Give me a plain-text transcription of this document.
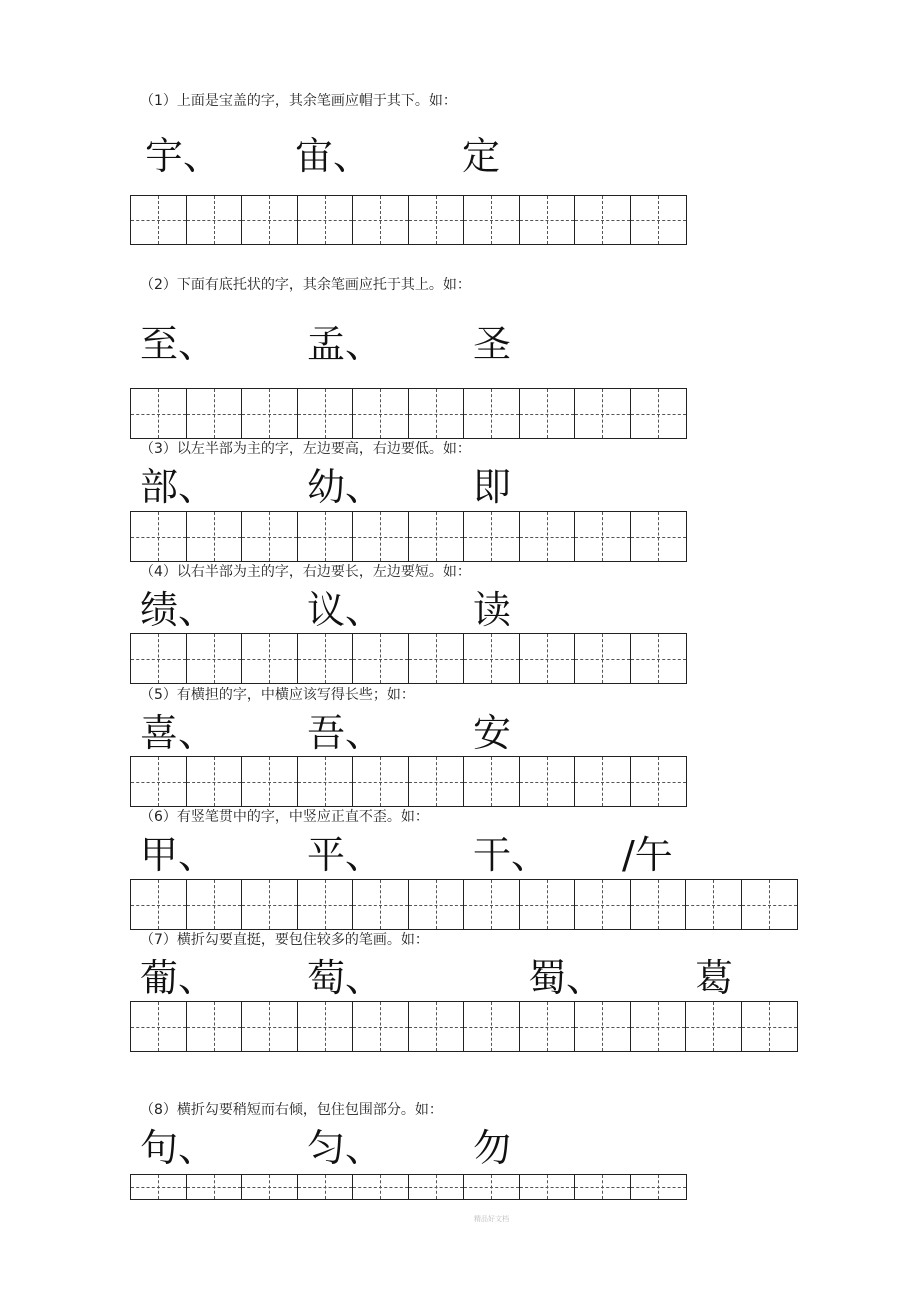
（1）上面是宝盖的字，其余笔画应帽于其下。如：
宇、 宙、 定
（2）下面有底托状的字，其余笔画应托于其上。如：
至、 孟、 圣
（3）以左半部为主的字，左边要高，右边要低。如：
部、 幼、 即
（4）以右半部为主的字，右边要长，左边要短。如：
绩、 议、 读
（5）有横担的字，中横应该写得长些；如：
喜、 吾、 安
（6）有竖笔贯中的字，中竖应正直不歪。如：
甲、 平、 干、 /午
（7）横折勾要直挺，要包住较多的笔画。如：
葡、 萄、	蜀、 葛
（8）横折勾要稍短而右倾，包住包围部分。如：
句、 匀、 勿
精品好文档
